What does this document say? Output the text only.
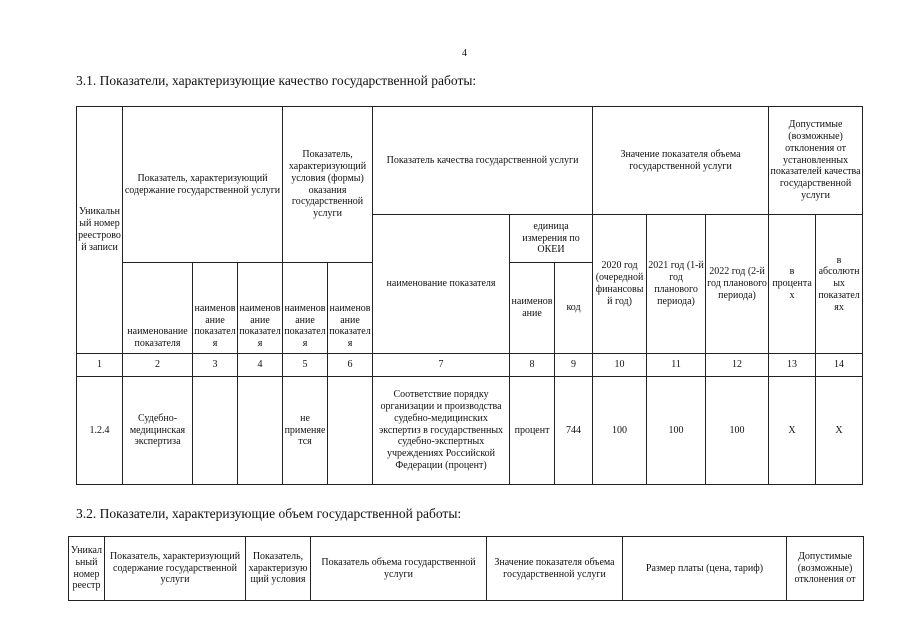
4
3.1. Показатели, характеризующие качество государственной работы:
Уникальный номер реестровой записи	Показатель, характеризующий содержание государственной услуги			Показатель, характеризующий условия (формы) оказания государственной услуги		Показатель качества государственной услуги			Значение показателя объема государственной услуги			Допустимые (возможные) отклонения от установленных показателей качества государственной услуги	
						наименование показателя	единица измерения по ОКЕИ		2020 год (очередной финансовый год)	2021 год (1-й год планового периода)	2022 год (2-й год планового периода)	в процентах	в абсолютных показателях
	наименование показателя	наименование показателя	наименование показателя	наименование показателя	наименование показателя		наименование	код					
1	2	3	4	5	6	7	8	9	10	11	12	13	14
1.2.4	Судебно-медицинская экспертиза			не применяется		Соответствие порядку организации и производства судебно-медицинских экспертиз в государственных судебно-экспертных учреждениях Российской Федерации (процент)	процент	744	100	100	100	X	X
3.2. Показатели, характеризующие объем государственной работы:
Уникальный номер реестр	Показатель, характеризующий содержание государственной услуги	Показатель, характеризующий условия	Показатель объема государственной услуги	Значение показателя объема государственной услуги	Размер платы (цена, тариф)	Допустимые (возможные) отклонения от
